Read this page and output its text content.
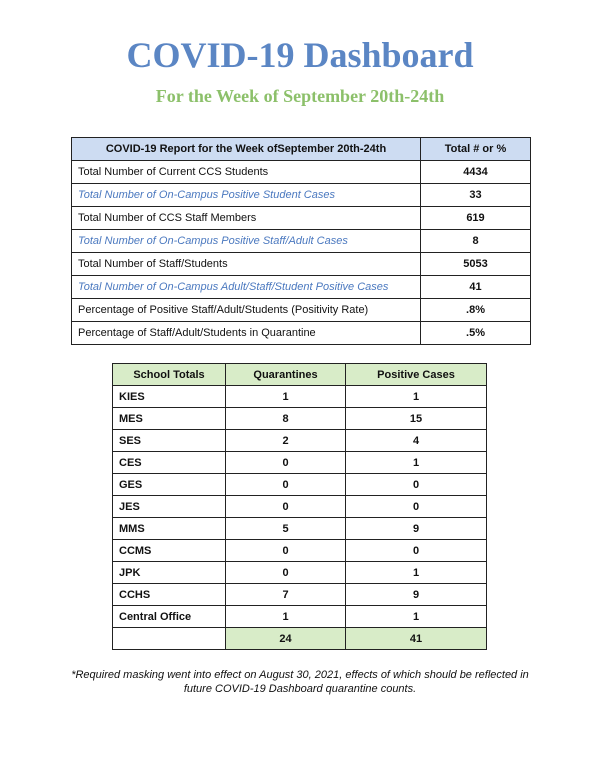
COVID-19 Dashboard
For the Week of September 20th-24th
COVID-19 Report for the Week ofSeptember 20th-24th	Total # or %
Total Number of Current CCS Students	4434
Total Number of On-Campus Positive Student Cases	33
Total Number of CCS Staff Members	619
Total Number of On-Campus Positive Staff/Adult Cases	8
Total Number of Staff/Students	5053
Total Number of On-Campus Adult/Staff/Student Positive Cases	41
Percentage of Positive Staff/Adult/Students (Positivity Rate)	.8%
Percentage of Staff/Adult/Students in Quarantine	.5%
School Totals	Quarantines	Positive Cases
KIES	1	1
MES	8	15
SES	2	4
CES	0	1
GES	0	0
JES	0	0
MMS	5	9
CCMS	0	0
JPK	0	1
CCHS	7	9
Central Office	1	1
	24	41
*Required masking went into effect on August 30, 2021, effects of which should be reflected in future COVID-19 Dashboard quarantine counts.
